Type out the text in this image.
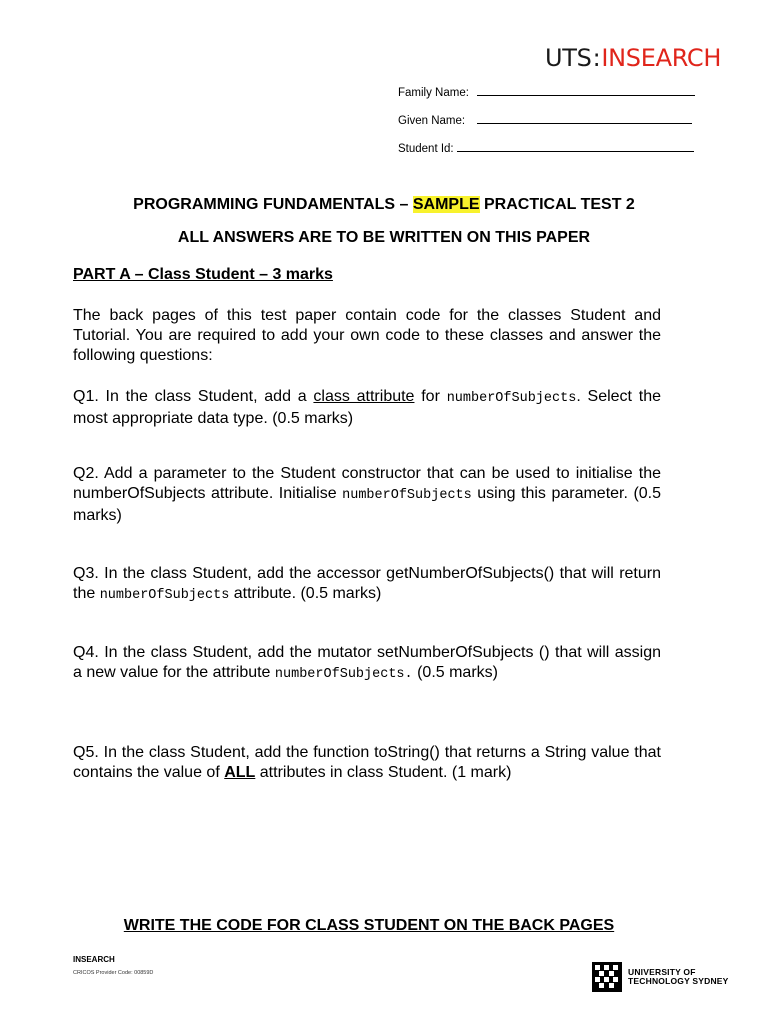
UTS:INSEARCH
Family Name:
Given Name:
Student Id:
PROGRAMMING FUNDAMENTALS – SAMPLE PRACTICAL TEST 2
ALL ANSWERS ARE TO BE WRITTEN ON THIS PAPER
PART A – Class Student – 3 marks
The back pages of this test paper contain code for the classes Student and Tutorial. You are required to add your own code to these classes and answer the following questions:
Q1. In the class Student, add a class attribute for numberOfSubjects. Select the most appropriate data type. (0.5 marks)
Q2. Add a parameter to the Student constructor that can be used to initialise the numberOfSubjects attribute. Initialise numberOfSubjects using this parameter. (0.5 marks)
Q3. In the class Student, add the accessor getNumberOfSubjects() that will return the numberOfSubjects attribute. (0.5 marks)
Q4. In the class Student, add the mutator setNumberOfSubjects () that will assign a new value for the attribute numberOfSubjects. (0.5 marks)
Q5. In the class Student, add the function toString() that returns a String value that contains the value of ALL attributes in class Student. (1 mark)
WRITE THE CODE FOR CLASS STUDENT ON THE BACK PAGES
INSEARCH
CRICOS Provider Code: 00859D	UNIVERSITY OF
TECHNOLOGY SYDNEY
